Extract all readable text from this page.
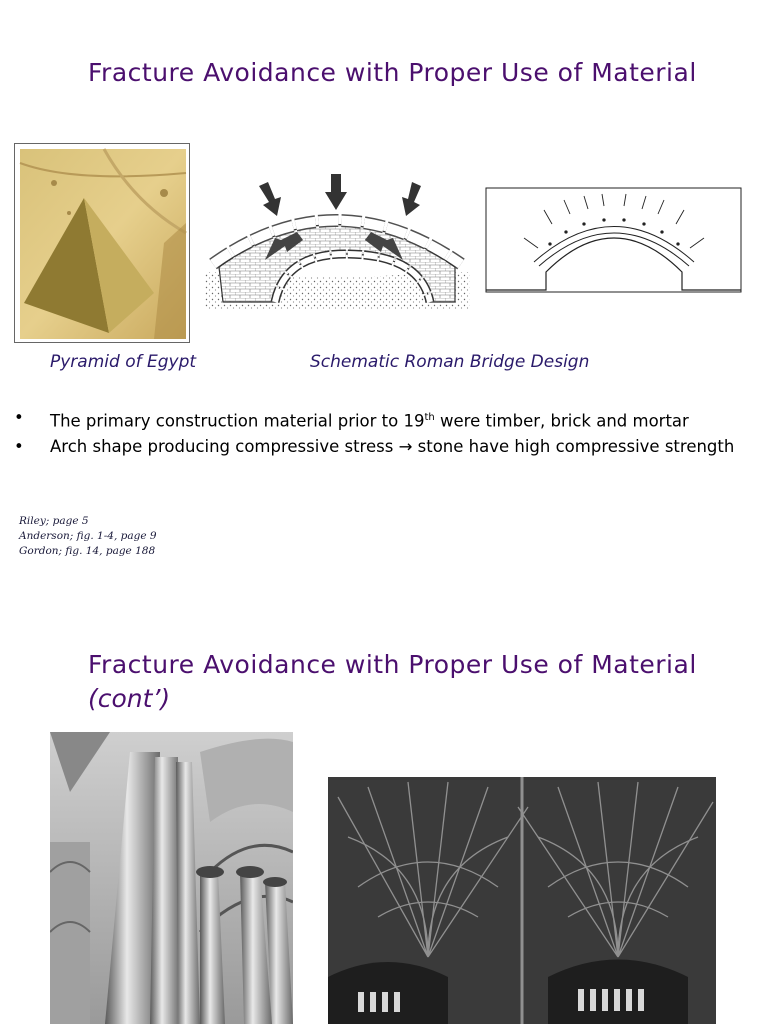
Fracture Avoidance with Proper Use of Material
Pyramid of Egypt	Schematic Roman Bridge Design
• The primary construction material prior to 19th were timber, brick and mortar
• Arch shape producing compressive stress → stone have high compressive strength
Riley; page 5
Anderson; fig. 1-4, page 9
Gordon; fig. 14, page 188
Fracture Avoidance with Proper Use of Material
(cont’)
